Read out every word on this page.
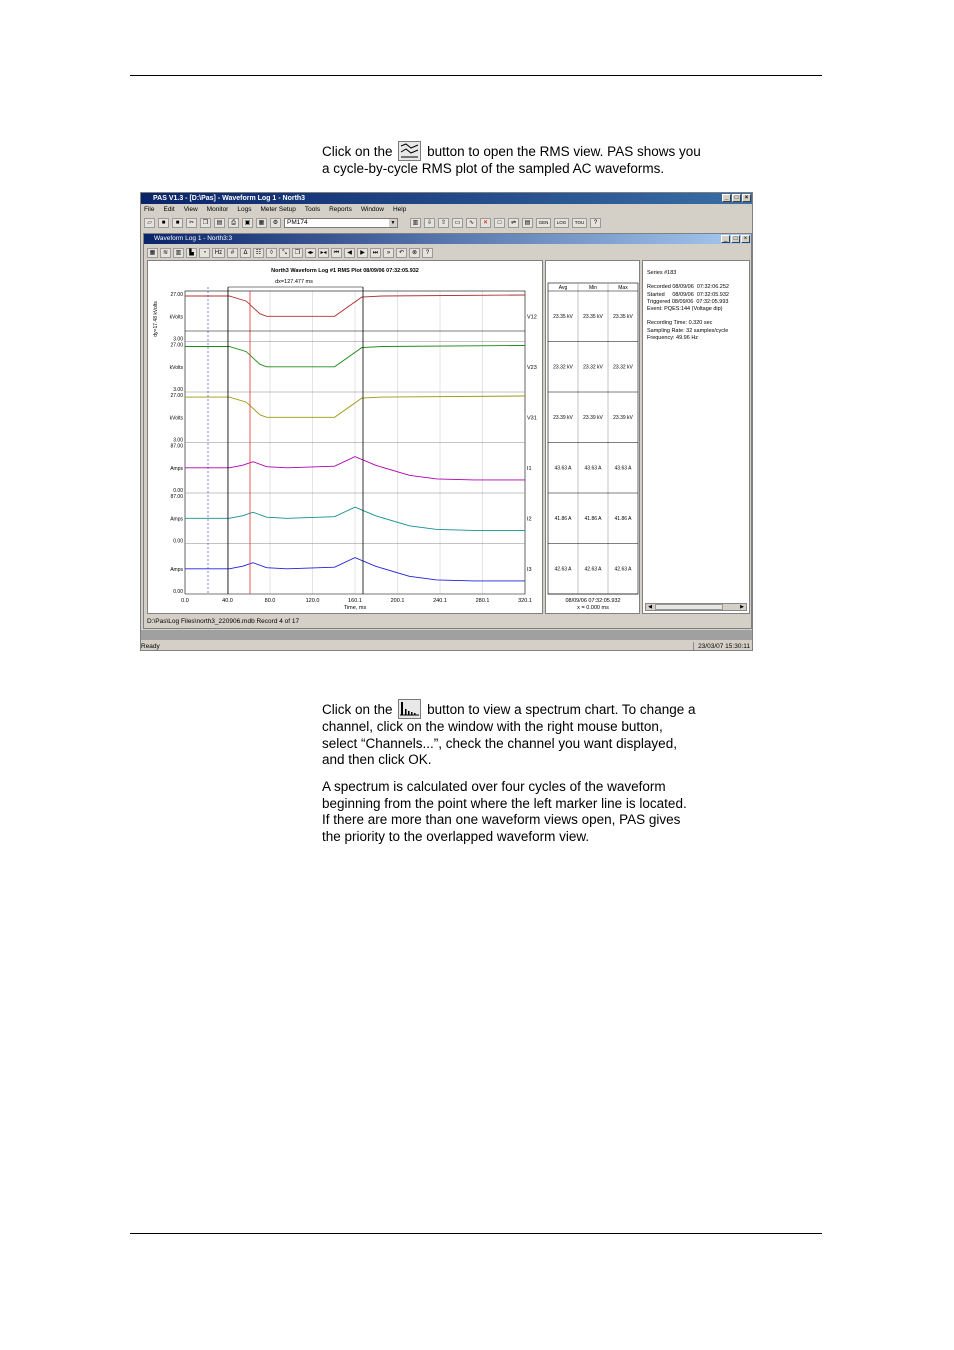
Click on the	button to open the RMS view. PAS shows you
a cycle-by-cycle RMS plot of the sampled AC waveforms.
PAS V1.3 - [D:\Pas] - Waveform Log 1 - North3	_	□	×
File Edit View Monitor Logs Meter Setup Tools Reports Window Help
▱	■	■	✂	❐	▤	⎙	▣	▦	⚙	PM174	▼	▥	⇩	⇧	▭	∿	✕	□	⇌	▤	GEN	LOG	TOU	?
Waveform Log 1 - North3:3	_	□	×
▦	≋	▥	▙	◔	Hz	#	Δ	☷	◊	⤡	❐	◂▸	▸◂	⏮	◀	▶	⏭	»	↶	⊗	?
North3 Waveform Log #1 RMS Plot 08/09/06 07:32:05.932
dx=127.477 ms
27.00
3.00
kVolts	V12
27.00
3.00
kVolts	V23
27.00
3.00
kVolts	V31
87.00
0.00
Amps	I1
87.00
0.00
Amps	I2
0.00
Amps	I3
dy=17.48 kVolts
0.0	40.0	80.0	120.0	160.1	200.1	240.1	280.1	320.1
Time, ms
Avg	Min	Max
23.35 kV 23.35 kV 23.35 kV
23.32 kV 23.32 kV 23.32 kV
23.39 kV 23.39 kV 23.39 kV
43.63 A	43.63 A	43.63 A
41.86 A	41.86 A	41.86 A
42.63 A	42.63 A	42.63 A
08/09/06 07:32:05.932
x = 0.000 ms
Series #183

Recorded 08/09/06  07:32:06.252
Started     08/09/06  07:32:05.932
Triggered 08/09/06  07:32:05.993
Event: PQES:144 (Voltage dip)

Recording Time: 0.320 sec
Sampling Rate: 32 samples/cycle
Frequency: 49.96 Hz
◀	▶
D:\Pas\Log Files\north3_220906.mdb Record 4 of 17
Ready	23/03/07 15:30:11
Click on the	button to view a spectrum chart. To change a
channel, click on the window with the right mouse button,
select “Channels...”, check the channel you want displayed,
and then click OK.
A spectrum is calculated over four cycles of the waveform
beginning from the point where the left marker line is located.
If there are more than one waveform views open, PAS gives
the priority to the overlapped waveform view.
